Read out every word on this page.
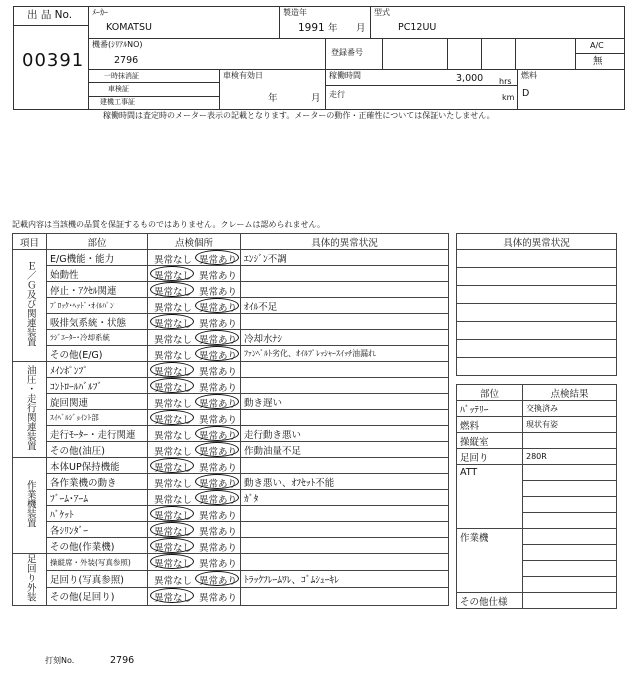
出 品 No.
00391
ﾒｰｶｰ
KOMATSU
製造年
1991 年 月
型式
PC12UU
機番(ｼﾘｱﾙNO)
2796
登録番号
A/C
無
一時抹消証
車検証
建機工事証
車検有効日
年	月
稼働時間	3,000 hrs
走行	km
燃料
D
稼働時間は査定時のメーター表示の記載となります。メーターの動作・正確性については保証いたしません。
記載内容は当該機の品質を保証するものではありません。クレームは認められません。
項目	部位	点検個所	具体的異常状況
Ｅ／Ｇ及び関連装置	E/G機能・能力	異常なし 異常あり	ｴﾝｼﾞﾝ不調
	始動性	異常なし 異常あり	

	停止・ｱｸｾﾙ関連	異常なし 異常あり	

	ﾌﾞﾛｯｸ･ﾍｯﾄﾞ･ｵｲﾙﾊﾟﾝ	異常なし 異常あり	ｵｲﾙ不足
	吸排気系統・状態	異常なし 異常あり	

	ﾗｼﾞｴｰﾀｰ･冷却系統	異常なし 異常あり	冷却水ﾅｼ
	その他(E/G)	異常なし 異常あり	ﾌｧﾝﾍﾞﾙﾄ劣化、ｵｲﾙﾌﾟﾚｯｼｬｰｽｲｯﾁ油漏れ
油圧・走行関連装置	ﾒｲﾝﾎﾟﾝﾌﾟ	異常なし 異常あり	

	ｺﾝﾄﾛｰﾙﾊﾞﾙﾌﾞ	異常なし 異常あり	

	旋回関連	異常なし 異常あり	動き遅い
	ｽｲﾍﾞﾙｼﾞｮｲﾝﾄ部	異常なし 異常あり	

	走行ﾓｰﾀｰ・走行関連	異常なし 異常あり	走行動き悪い
	その他(油圧)	異常なし 異常あり	作動油量不足
作業機装置	本体UP保持機能	異常なし 異常あり	

	各作業機の動き	異常なし 異常あり	動き悪い、ｵﾌｾｯﾄ不能
	ﾌﾞｰﾑ･ｱｰﾑ	異常なし 異常あり	ｶﾞﾀ
	ﾊﾞｹｯﾄ	異常なし 異常あり	

	各ｼﾘﾝﾀﾞｰ	異常なし 異常あり	

	その他(作業機)	異常なし 異常あり	

足回り外装	操縦席・外装(写真参照)	異常なし 異常あり	

	足回り(写真参照)	異常なし 異常あり	ﾄﾗｯｸﾌﾚｰﾑﾜﾚ、ｺﾞﾑｼｭｰｷﾚ
	その他(足回り)	異常なし 異常あり	

具体的異常状況

部位	点検結果
ﾊﾞｯﾃﾘｰ	交換済み
燃料	現状有姿
操縦室	
足回り	280R
ATT	

作業機	

その他仕様	
打刻No.	2796
